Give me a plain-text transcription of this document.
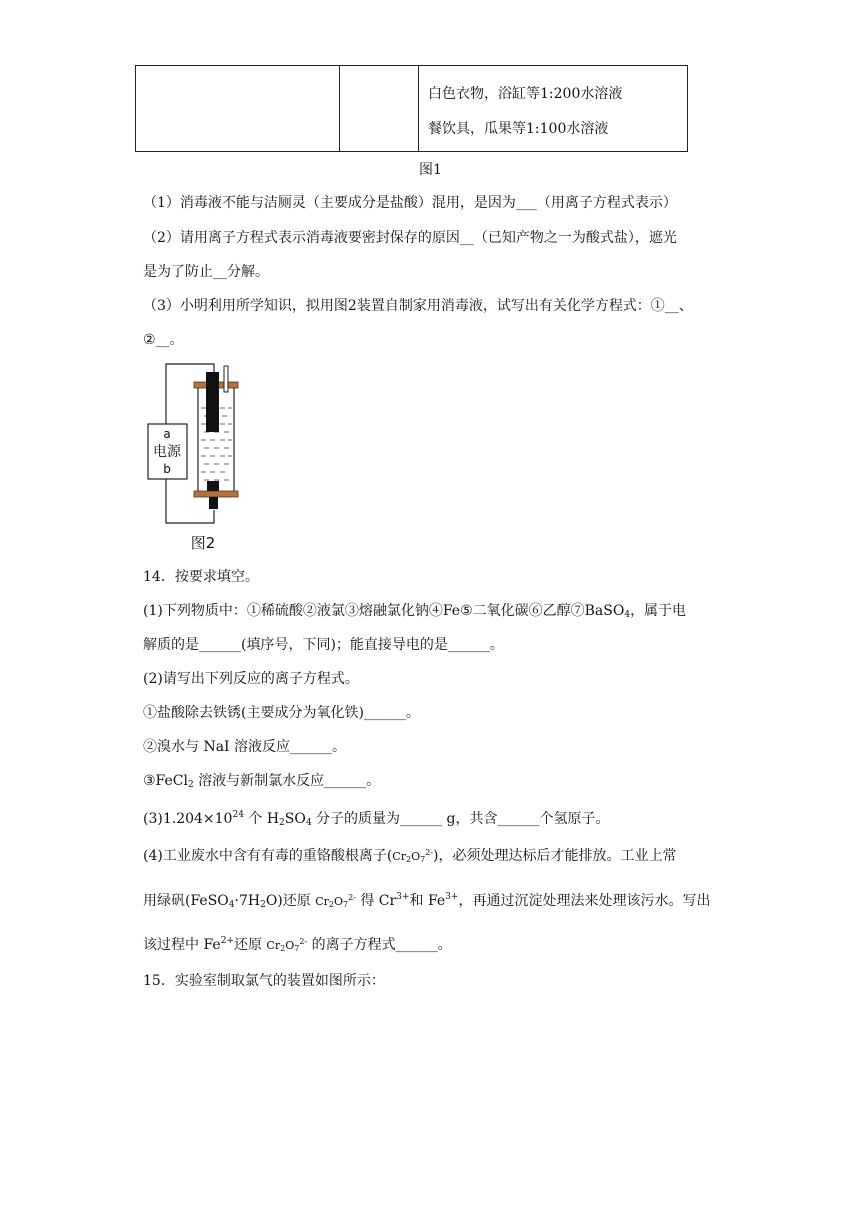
白色衣物，浴缸等1:200水溶液
餐饮具，瓜果等1:100水溶液
图1
（1）消毒液不能与洁厕灵（主要成分是盐酸）混用，是因为___（用离子方程式表示）
（2）请用离子方程式表示消毒液要密封保存的原因__（已知产物之一为酸式盐），遮光
是为了防止__分解。
（3）小明利用所学知识，拟用图2装置自制家用消毒液，试写出有关化学方程式：①__、
②__。
a
电源
b
图2
14．按要求填空。
(1)下列物质中：①稀硫酸②液氯③熔融氯化钠④Fe⑤二氧化碳⑥乙醇⑦BaSO$_4$，属于电
解质的是______(填序号，下同)；能直接导电的是______。
(2)请写出下列反应的离子方程式。
①盐酸除去铁锈(主要成分为氧化铁)______。
②溴水与 NaI 溶液反应______。
③FeCl$_2$ 溶液与新制氯水反应______。
$(3)1.204\times 10^{24}$ 个 $H_2SO_4$ 分子的质量为______ g，共含______个氢原子。
(4)工业废水中含有有毒的重铬酸根离子$(Cr2O7^{2-})$，必须处理达标后才能排放。工业上常
用绿矾$(FeSO_4\cdot 7H_2O)$还原 $Cr2O7^{2-}$ 得 $Cr^{3+}$和 $Fe^{3+}$，再通过沉淀处理法来处理该污水。写出
该过程中 $Fe^{2+}$还原 $Cr2O7^{2-}$ 的离子方程式______。
15．实验室制取氯气的装置如图所示：
